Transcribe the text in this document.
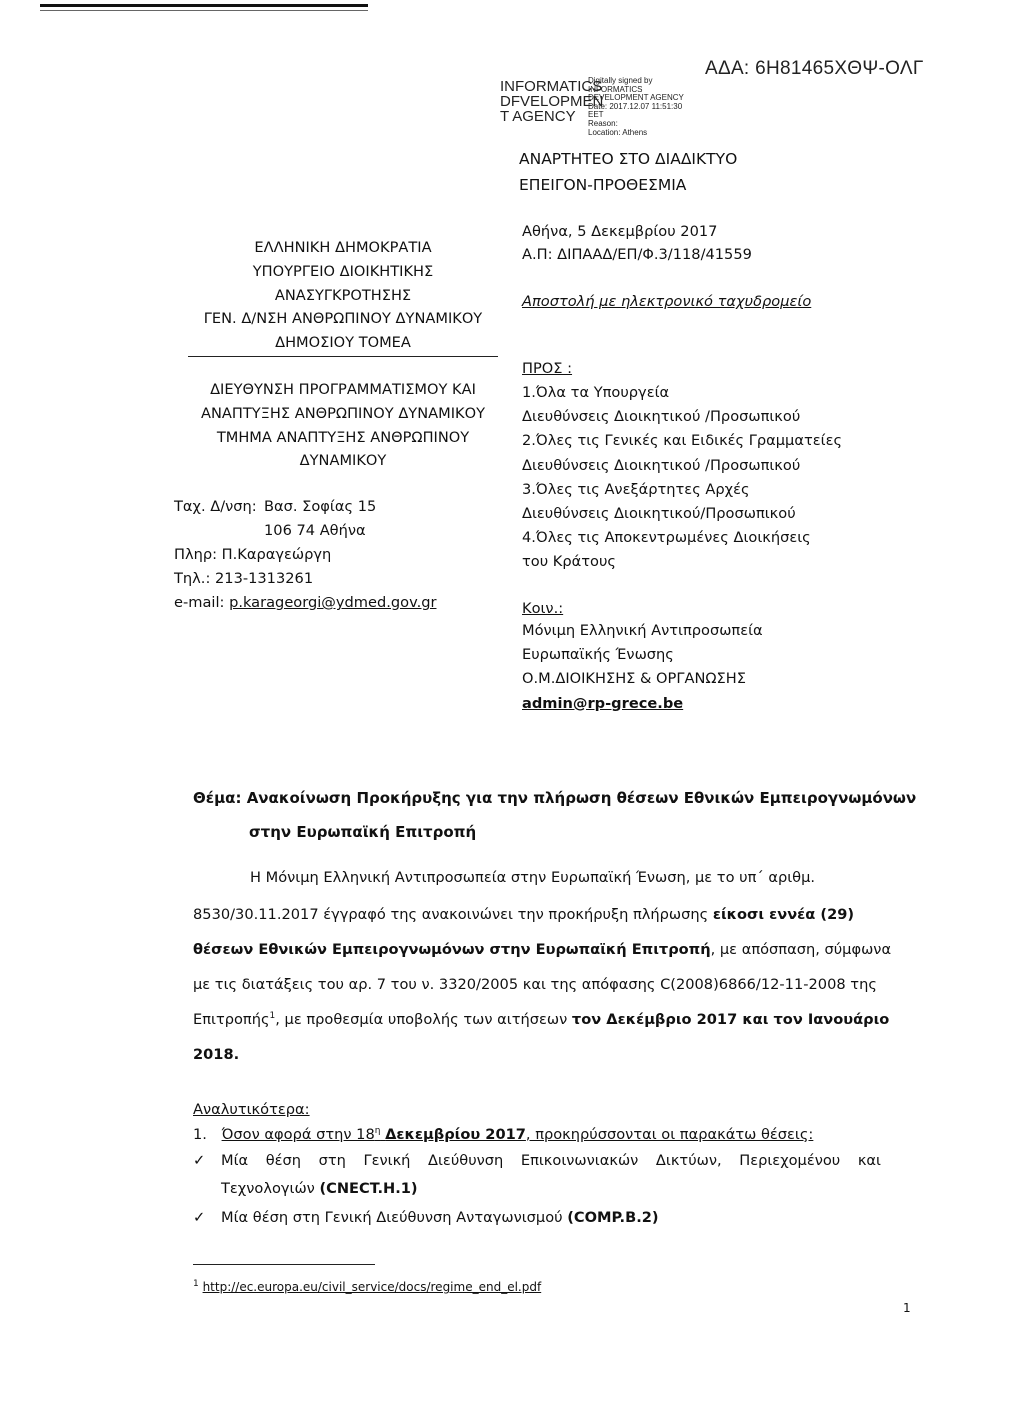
INFORMATICS
DFVELOPMEN
T AGENCY
Digitally signed by
INFORMATICS
DEVELOPMENT AGENCY
Date: 2017.12.07 11:51:30
EET
Reason:
Location: Athens
ΑΔΑ: 6Η81465ΧΘΨ-ΟΛΓ
ΑΝΑΡΤΗΤΕΟ ΣΤΟ ΔΙΑΔΙΚΤΥΟ
ΕΠΕΙΓΟΝ-ΠΡΟΘΕΣΜΙΑ
ΕΛΛΗΝΙΚΗ ΔΗΜΟΚΡΑΤΙΑ
ΥΠΟΥΡΓΕΙΟ ΔΙΟΙΚΗΤΙΚΗΣ
ΑΝΑΣΥΓΚΡΟΤΗΣΗΣ
ΓΕΝ. Δ/ΝΣΗ ΑΝΘΡΩΠΙΝΟΥ ΔΥΝΑΜΙΚΟΥ
ΔΗΜΟΣΙΟΥ ΤΟΜΕΑ
ΔΙΕΥΘΥΝΣΗ ΠΡΟΓΡΑΜΜΑΤΙΣΜΟΥ ΚΑΙ
ΑΝΑΠΤΥΞΗΣ ΑΝΘΡΩΠΙΝΟΥ ΔΥΝΑΜΙΚΟΥ
ΤΜΗΜΑ ΑΝΑΠΤΥΞΗΣ ΑΝΘΡΩΠΙΝΟΥ
ΔΥΝΑΜΙΚΟΥ
Ταχ. Δ/νση: Βασ. Σοφίας 15
106 74 Αθήνα
Πληρ: Π.Καραγεώργη
Τηλ.: 213-1313261
e-mail: p.karageorgi@ydmed.gov.gr
Αθήνα, 5 Δεκεμβρίου 2017
Α.Π: ΔΙΠΑΑΔ/ΕΠ/Φ.3/118/41559
Αποστολή με ηλεκτρονικό ταχυδρομείο
ΠΡΟΣ :
1.Όλα τα Υπουργεία
Διευθύνσεις Διοικητικού /Προσωπικού
2.Όλες τις Γενικές και Ειδικές Γραμματείες
Διευθύνσεις Διοικητικού /Προσωπικού
3.Όλες τις Ανεξάρτητες Αρχές
Διευθύνσεις Διοικητικού/Προσωπικού
4.Όλες τις Αποκεντρωμένες Διοικήσεις
του Κράτους
Κοιν.:
Μόνιμη Ελληνική Αντιπροσωπεία
Ευρωπαϊκής Ένωσης
Ο.Μ.ΔΙΟΙΚΗΣΗΣ & ΟΡΓΑΝΩΣΗΣ
admin@rp-grece.be
Θέμα: Ανακοίνωση Προκήρυξης για την πλήρωση θέσεων Εθνικών Εμπειρογνωμόνων
στην Ευρωπαϊκή Επιτροπή
Η Μόνιμη Ελληνική Αντιπροσωπεία στην Ευρωπαϊκή Ένωση, με το υπ΄ αριθμ.
8530/30.11.2017 έγγραφό της ανακοινώνει την προκήρυξη πλήρωσης είκοσι εννέα (29)
θέσεων Εθνικών Εμπειρογνωμόνων στην Ευρωπαϊκή Επιτροπή, με απόσπαση, σύμφωνα
με τις διατάξεις του αρ. 7 του ν. 3320/2005 και της απόφασης C(2008)6866/12-11-2008 της
Επιτροπής$^1$, με προθεσμία υποβολής των αιτήσεων τον Δεκέμβριο 2017 και τον Ιανουάριο
2018.
Αναλυτικότερα:
1. Όσον αφορά στην $18^\eta$ Δεκεμβρίου 2017, προκηρύσσονται οι παρακάτω θέσεις:
✓ Μία θέση στη Γενική Διεύθυνση Επικοινωνιακών Δικτύων, Περιεχομένου και
Τεχνολογιών (CNECT.H.1)
✓ Μία θέση στη Γενική Διεύθυνση Ανταγωνισμού (COMP.B.2)
$^1$ http://ec.europa.eu/civil_service/docs/regime_end_el.pdf
1
